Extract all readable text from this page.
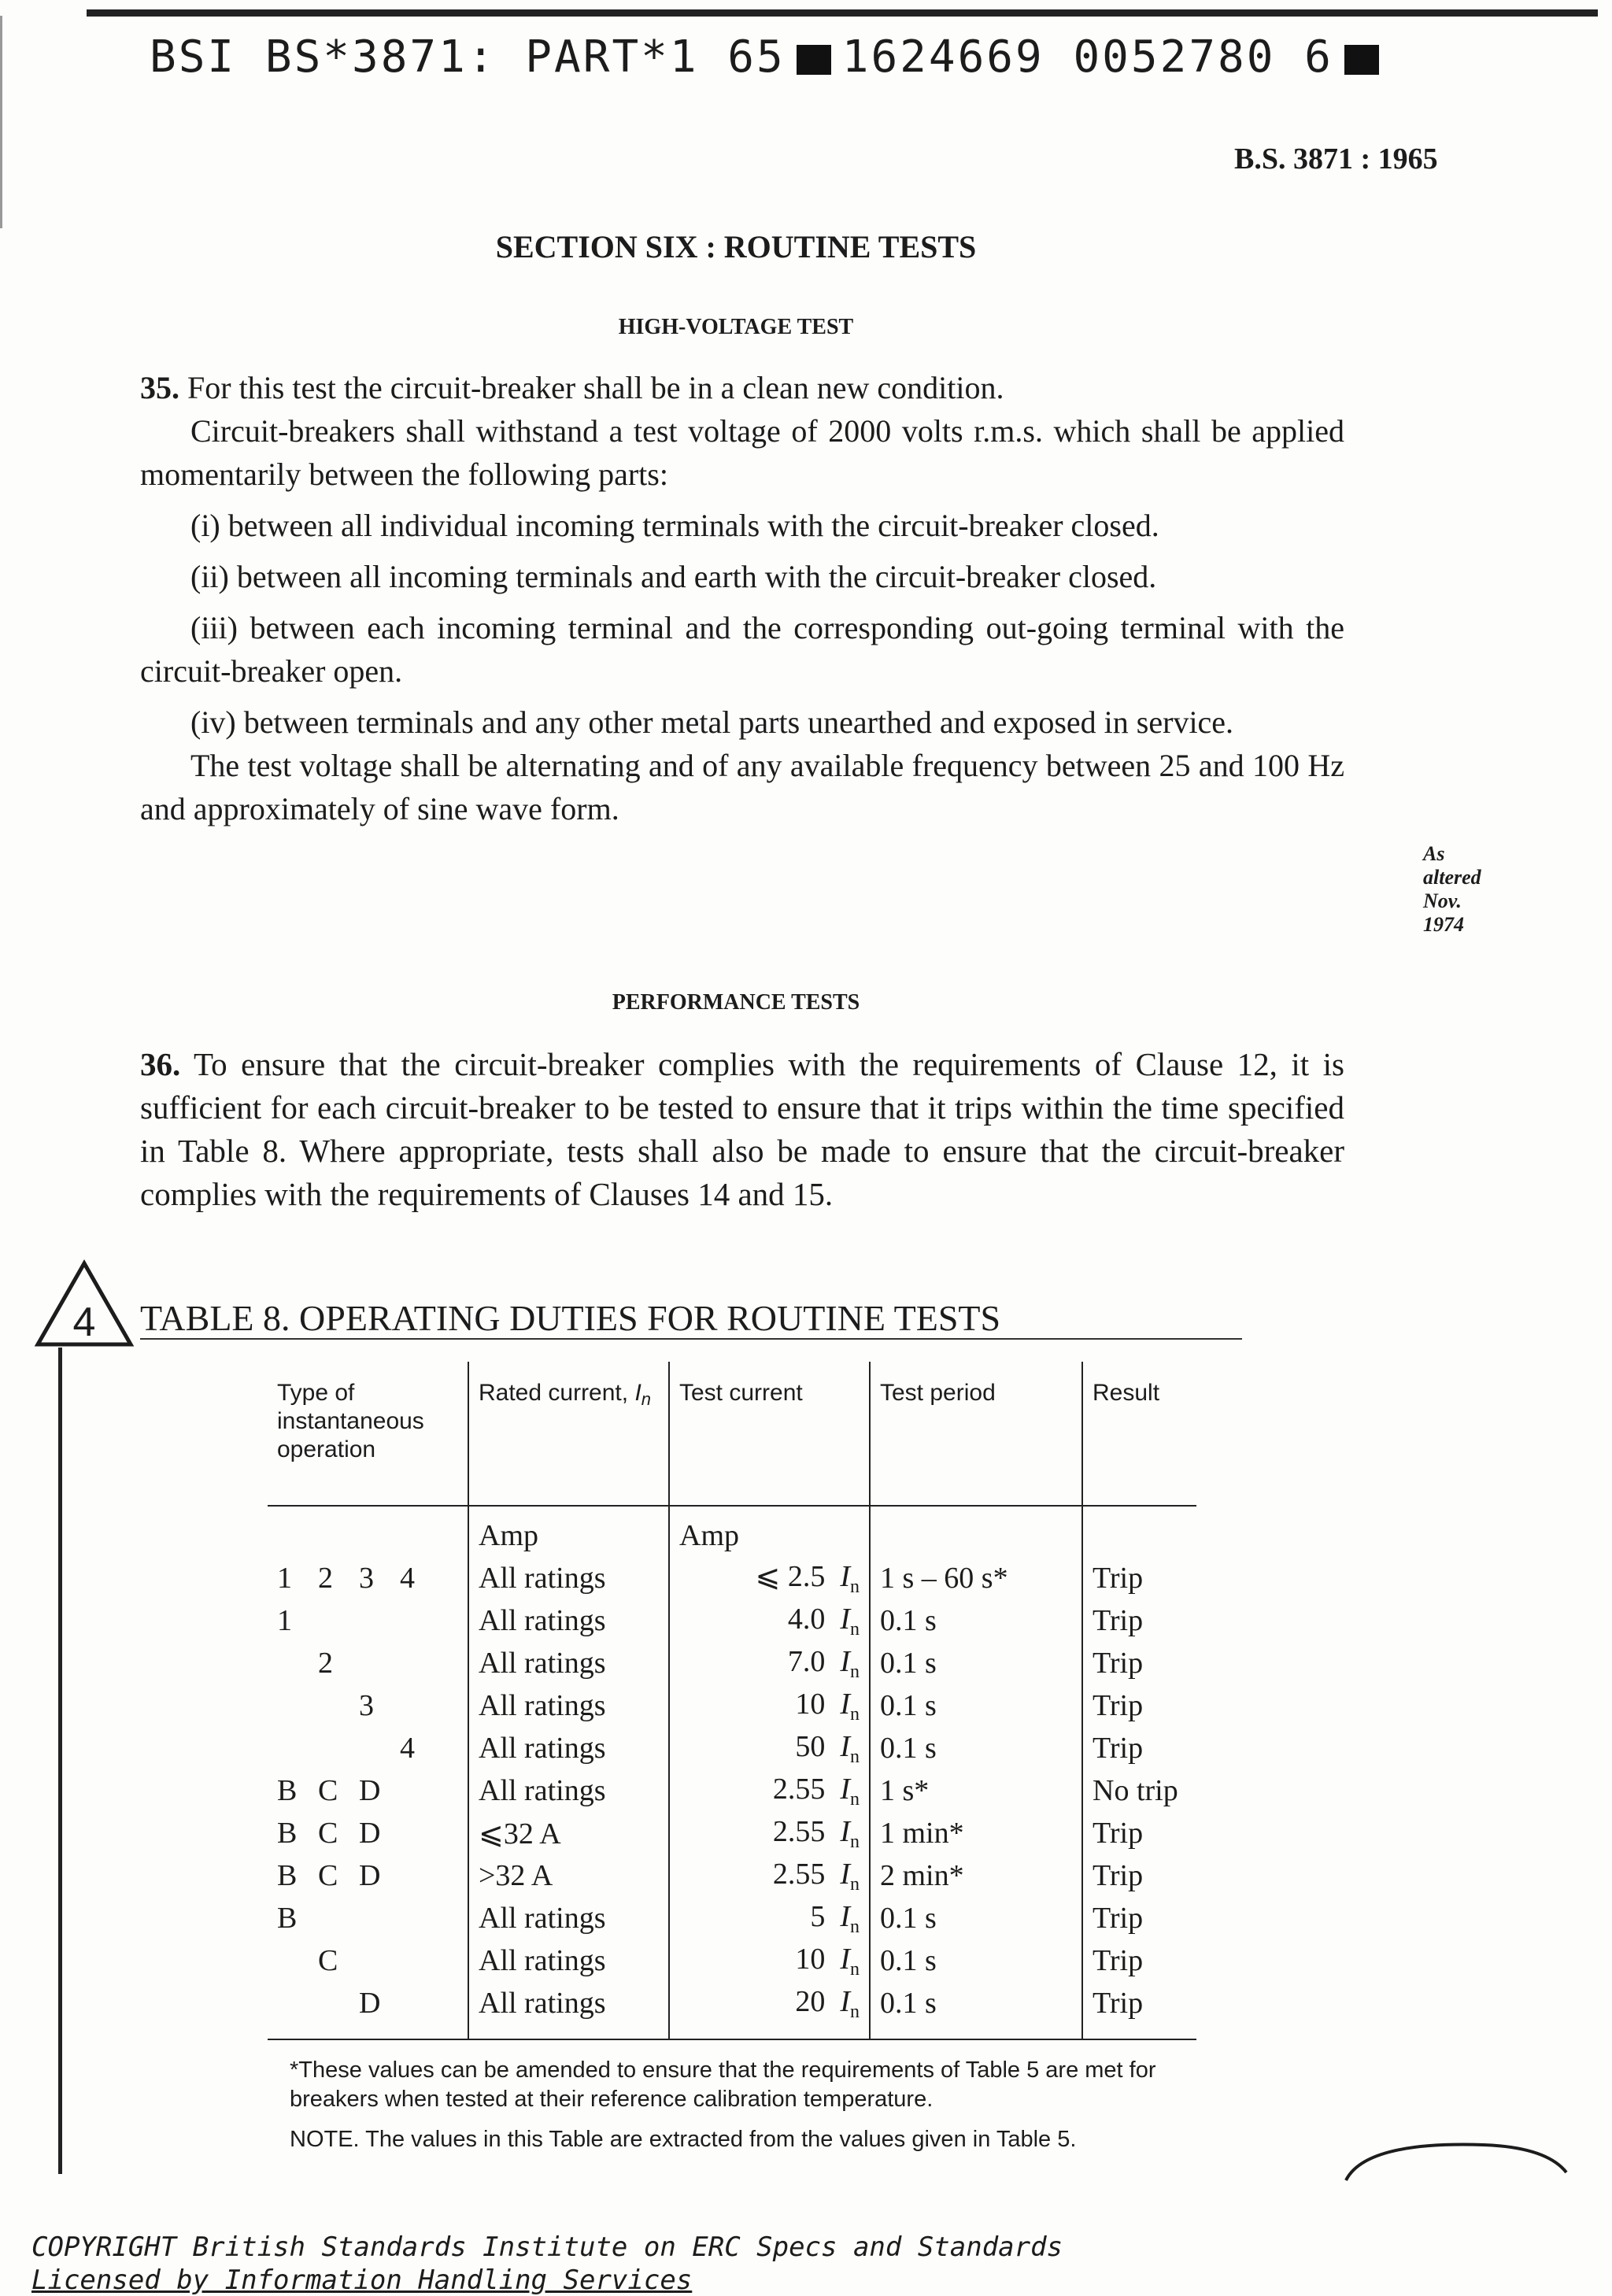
BSI BS*3871: PART*1 65 1624669 0052780 6
B.S. 3871 : 1965
SECTION SIX : ROUTINE TESTS
HIGH-VOLTAGE TEST

35. For this test the circuit-breaker shall be in a clean new condition.

Circuit-breakers shall withstand a test voltage of 2000 volts r.m.s. which shall be applied momentarily between the following parts:

(i) between all individual incoming terminals with the circuit-breaker closed.

(ii) between all incoming terminals and earth with the circuit-breaker closed.

(iii) between each incoming terminal and the corresponding out-going terminal with the circuit-breaker open.

(iv) between terminals and any other metal parts unearthed and exposed in service.

The test voltage shall be alternating and of any available frequency between 25 and 100 Hz and approximately of sine wave form.

As
altered
Nov.
1974
PERFORMANCE TESTS

36. To ensure that the circuit-breaker complies with the requirements of Clause 12, it is sufficient for each circuit-breaker to be tested to ensure that it trips within the time specified in Table 8. Where appropriate, tests shall also be made to ensure that the circuit-breaker complies with the requirements of Clauses 14 and 15.

4 TABLE 8. OPERATING DUTIES FOR ROUTINE TESTS
Type of instantaneous operation	Rated current, $I_n$	Test current	Test period	Result
	Amp	Amp		
1 2 3 4	All ratings	⩽ 2.5 $I_n$	1 s – 60 s*	Trip
1	All ratings	4.0 $I_n$	0.1 s	Trip
2	All ratings	7.0 $I_n$	0.1 s	Trip
3	All ratings	10 $I_n$	0.1 s	Trip
4	All ratings	50 $I_n$	0.1 s	Trip
B C D	All ratings	2.55 $I_n$	1 s*	No trip
B C D	⩽32 A	2.55 $I_n$	1 min*	Trip
B C D	>32 A	2.55 $I_n$	2 min*	Trip
B	All ratings	5 $I_n$	0.1 s	Trip
C	All ratings	10 $I_n$	0.1 s	Trip
D	All ratings	20 $I_n$	0.1 s	Trip
*These values can be amended to ensure that the requirements of Table 5 are met for breakers when tested at their reference calibration temperature.
NOTE. The values in this Table are extracted from the values given in Table 5.
COPYRIGHT British Standards Institute on ERC Specs and Standards
Licensed by Information Handling Services
